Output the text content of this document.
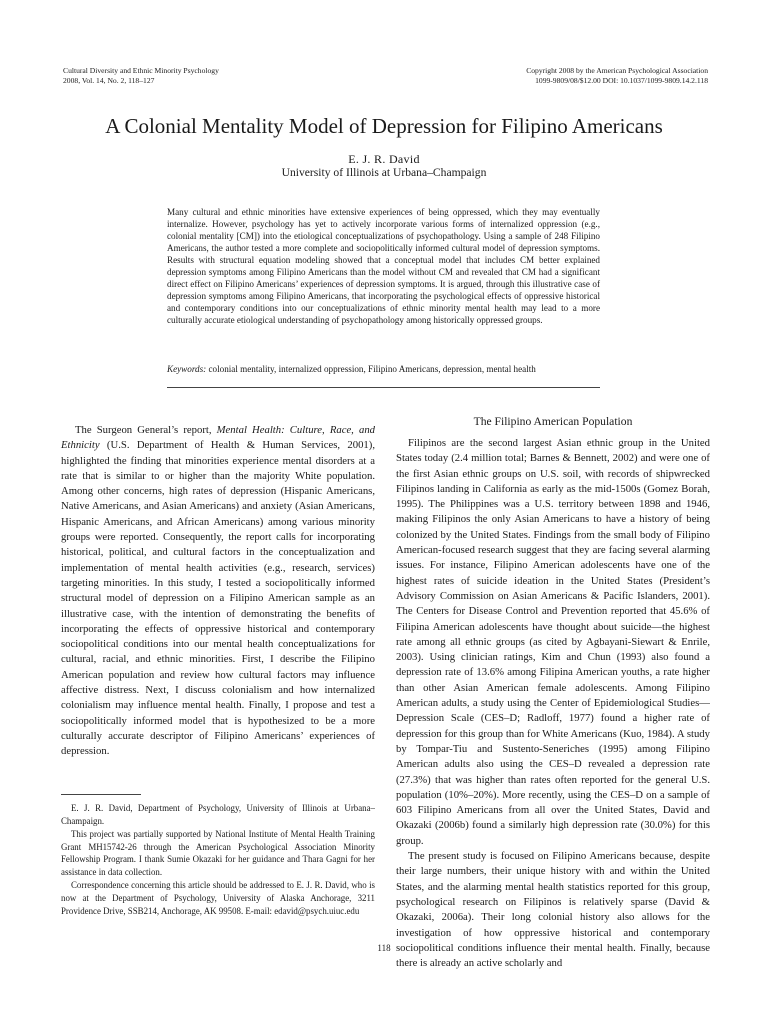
Cultural Diversity and Ethnic Minority Psychology
2008, Vol. 14, No. 2, 118–127
Copyright 2008 by the American Psychological Association
1099-9809/08/$12.00 DOI: 10.1037/1099-9809.14.2.118
A Colonial Mentality Model of Depression for Filipino Americans
E. J. R. David
University of Illinois at Urbana–Champaign

Many cultural and ethnic minorities have extensive experiences of being oppressed, which they may eventually internalize. However, psychology has yet to actively incorporate various forms of internalized oppression (e.g., colonial mentality [CM]) into the etiological conceptualizations of psychopathology. Using a sample of 248 Filipino Americans, the author tested a more complete and sociopolitically informed cultural model of depression symptoms. Results with structural equation modeling showed that a conceptual model that includes CM better explained depression symptoms among Filipino Americans than the model without CM and revealed that CM had a significant direct effect on Filipino Americans’ experiences of depression symptoms. It is argued, through this illustrative case of depression symptoms among Filipino Americans, that incorporating the psychological effects of oppressive historical and contemporary conditions into our conceptualizations of ethnic minority mental health may lead to a more culturally accurate etiological understanding of psychopathology among historically oppressed groups.

Keywords: colonial mentality, internalized oppression, Filipino Americans, depression, mental health

The Surgeon General’s report, Mental Health: Culture, Race, and Ethnicity (U.S. Department of Health & Human Services, 2001), highlighted the finding that minorities experience mental disorders at a rate that is similar to or higher than the majority White population. Among other concerns, high rates of depression (Hispanic Americans, Native Americans, and Asian Americans) and anxiety (Asian Americans, Hispanic Americans, and African Americans) among various minority groups were reported. Consequently, the report calls for incorporating historical, political, and cultural factors in the conceptualization and implementation of mental health activities (e.g., research, services) targeting minorities. In this study, I tested a sociopolitically informed structural model of depression on a Filipino American sample as an illustrative case, with the intention of demonstrating the benefits of incorporating the effects of oppressive historical and contemporary sociopolitical conditions into our mental health conceptualizations for cultural, racial, and ethnic minorities. First, I describe the Filipino American population and review how cultural factors may influence affective distress. Next, I discuss colonialism and how internalized colonialism may influence mental health. Finally, I propose and test a sociopolitically informed model that is hypothesized to be a more culturally accurate descriptor of Filipino Americans’ experiences of depression.

E. J. R. David, Department of Psychology, University of Illinois at Urbana–Champaign.

This project was partially supported by National Institute of Mental Health Training Grant MH15742-26 through the American Psychological Association Minority Fellowship Program. I thank Sumie Okazaki for her guidance and Thara Gagni for her assistance in data collection.

Correspondence concerning this article should be addressed to E. J. R. David, who is now at the Department of Psychology, University of Alaska Anchorage, 3211 Providence Drive, SSB214, Anchorage, AK 99508. E-mail: edavid@psych.uiuc.edu

The Filipino American Population

Filipinos are the second largest Asian ethnic group in the United States today (2.4 million total; Barnes & Bennett, 2002) and were one of the first Asian ethnic groups on U.S. soil, with records of shipwrecked Filipinos landing in California as early as the mid-1500s (Gomez Borah, 1995). The Philippines was a U.S. territory between 1898 and 1946, making Filipinos the only Asian Americans to have a history of being colonized by the United States. Findings from the small body of Filipino American-focused research suggest that they are facing several alarming issues. For instance, Filipino American adolescents have one of the highest rates of suicide ideation in the United States (President’s Advisory Commission on Asian Americans & Pacific Islanders, 2001). The Centers for Disease Control and Prevention reported that 45.6% of Filipina American adolescents have thought about suicide—the highest rate among all ethnic groups (as cited by Agbayani-Siewart & Enrile, 2003). Using clinician ratings, Kim and Chun (1993) also found a depression rate of 13.6% among Filipina American youths, a rate higher than other Asian American female adolescents. Among Filipino American adults, a study using the Center of Epidemiological Studies—Depression Scale (CES–D; Radloff, 1977) found a higher rate of depression for this group than for White Americans (Kuo, 1984). A study by Tompar-Tiu and Sustento-Seneriches (1995) among Filipino American adults also using the CES–D revealed a depression rate (27.3%) that was higher than rates often reported for the general U.S. population (10%–20%). More recently, using the CES–D on a sample of 603 Filipino Americans from all over the United States, David and Okazaki (2006b) found a similarly high depression rate (30.0%) for this group.

The present study is focused on Filipino Americans because, despite their large numbers, their unique history with and within the United States, and the alarming mental health statistics reported for this group, psychological research on Filipinos is relatively sparse (David & Okazaki, 2006a). Their long colonial history also allows for the investigation of how oppressive historical and contemporary sociopolitical conditions influence their mental health. Finally, because there is already an active scholarly and

118
